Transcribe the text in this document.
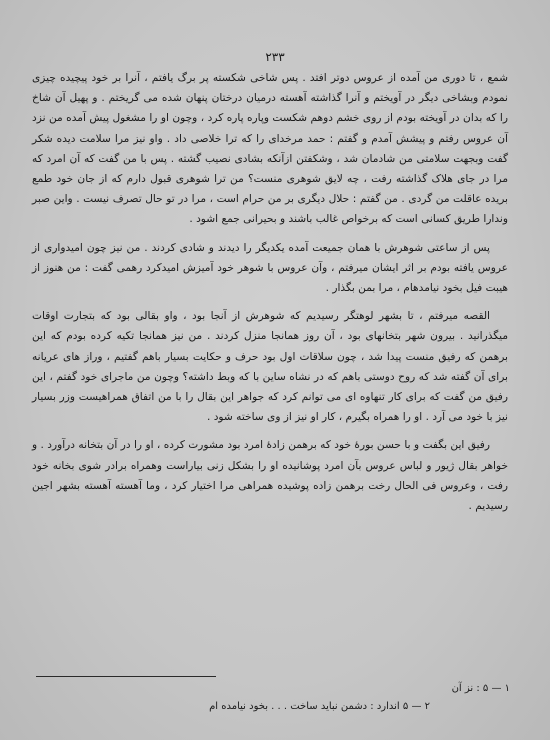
۲۳۳

شمع ، تا دوری من آمده از عروس دوتر افتد . پس شاخی شکسته پر برگ یافتم ، آنرا بر خود پیچیده چیزی نمودم وبشاخی دیگر در آویختم و آنرا گذاشته آهسته درمیان درختان پنهان شده می گریختم . و پهیل آن شاخ را که بدان در آویخته بودم از روی خشم دوهم شکست وپاره پاره کرد ، وچون او را مشغول پیش آمده من نزد آن عروس رفتم و پیشش آمدم و گفتم : حمد مرخدای را که ترا خلاصی داد . واو نیز مرا سلامت دیده شکر گفت وبجهت سلامتی من شادمان شد ، وشکفتن ازآنکه بشادی نصیب گشته . پس با من گفت که آن امرد که مرا در جای هلاک گذاشته رفت ، چه لایق شوهری منست؟ من ترا شوهری قبول دارم که از جان خود طمع بریده عاقلت من گردی . من گفتم : حلال دیگری بر من حرام است ، مرا در تو حال تصرف نیست . واین صبر وندارا طریق کسانی است که برخواص غالب باشند و بحیرانی جمع اشود .

پس از ساعتی شوهرش با همان جمیعت آمده یکدیگر را دیدند و شادی کردند . من نیز چون امیدواری از عروس یافته بودم بر اثر ایشان میرفتم ، وآن عروس با شوهر خود آمیزش امیدکرد رهمی گفت : من هنوز از هیبت فیل بخود نیامدهام ، مرا بمن بگذار .

القصه میرفتم ، تا بشهر لوهتگر رسیدیم که شوهرش از آنجا بود ، واو بقالی بود که بتجارت اوقات میگذرانید . بیرون شهر بتخانهای بود ، آن روز همانجا منزل کردند . من نیز همانجا تکیه کرده بودم که این برهمن که رفیق منست پیدا شد ، چون سلاقات اول بود حرف و حکایت بسیار باهم گفتیم ، وراز های عریانه برای آن گفته شد که روح دوستی باهم که در نشاه ساین با که وبط داشته؟ وچون من ماجرای خود گفتم ، این رفیق من گفت که برای کار تنهاوه ای می توانم کرد که جواهر این بقال را با من اتفاق همراهیست وزر بسیار نیز با خود می آرد . او را همراه بگیرم ، کار او نیز از وی ساخته شود .

رفیق این بگفت و با حسن بورهٔ خود که برهمن زادهٔ امرد بود مشورت کرده ، او را در آن بتخانه درآورد . و خواهر بقال ژیور و لباس عروس بآن امرد پوشانیده او را بشکل زنی بیاراست وهمراه برادر شوی بخانه خود رفت ، وعروس فی الحال رخت برهمن زاده پوشیده همراهی مرا اختیار کرد ، وما آهسته آهسته بشهر اجین رسیدیم .

۱ — ۵ : نز آن
۲ — ۵ اندارد : دشمن نباید ساخت . . . بخود نیامده ام
